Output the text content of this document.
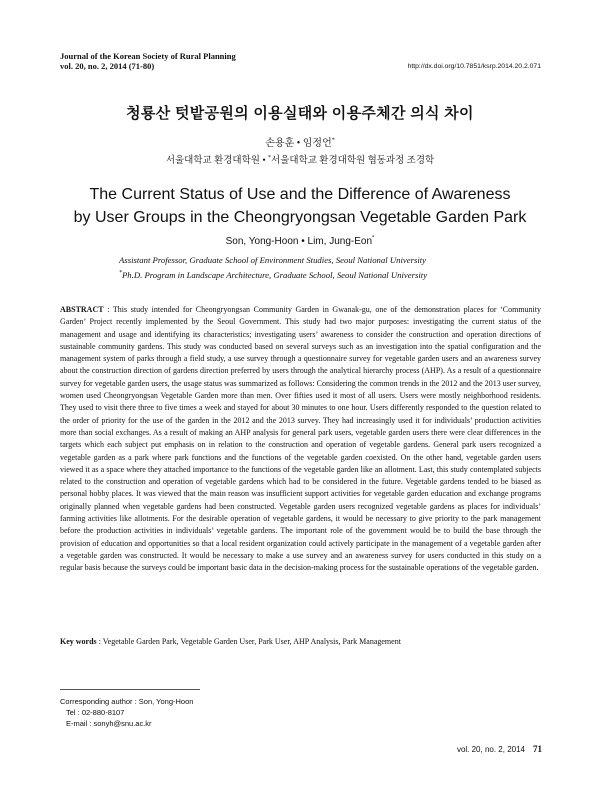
Journal of the Korean Society of Rural Planning
vol. 20, no. 2, 2014 (71-80)	http://dx.doi.org/10.7851/ksrp.2014.20.2.071
청룡산 텃밭공원의 이용실태와 이용주체간 의식 차이
손용훈 • 임정언*
서울대학교 환경대학원 • *서울대학교 환경대학원 협동과정 조경학
The Current Status of Use and the Difference of Awareness
by User Groups in the Cheongryongsan Vegetable Garden Park
Son, Yong-Hoon • Lim, Jung-Eon*
Assistant Professor, Graduate School of Environment Studies, Seoul National University
*Ph.D. Program in Landscape Architecture, Graduate School, Seoul National University
ABSTRACT : This study intended for Cheongryongsan Community Garden in Gwanak-gu, one of the demonstration places for ‘Community Garden’ Project recently implemented by the Seoul Government. This study had two major purposes: investigating the current status of the management and usage and identifying its characteristics; investigating users’ awareness to consider the construction and operation directions of sustainable community gardens. This study was conducted based on several surveys such as an investigation into the spatial configuration and the management system of parks through a field study, a use survey through a questionnaire survey for vegetable garden users and an awareness survey about the construction direction of gardens direction preferred by users through the analytical hierarchy process (AHP). As a result of a questionnaire survey for vegetable garden users, the usage status was summarized as follows: Considering the common trends in the 2012 and the 2013 user survey, women used Cheongryongsan Vegetable Garden more than men. Over fifties used it most of all users. Users were mostly neighborhood residents. They used to visit there three to five times a week and stayed for about 30 minutes to one hour. Users differently responded to the question related to the order of priority for the use of the garden in the 2012 and the 2013 survey. They had increasingly used it for individuals’ production activities more than social exchanges. As a result of making an AHP analysis for general park users, vegetable garden users there were clear differences in the targets which each subject put emphasis on in relation to the construction and operation of vegetable gardens. General park users recognized a vegetable garden as a park where park functions and the functions of the vegetable garden coexisted. On the other hand, vegetable garden users viewed it as a space where they attached importance to the functions of the vegetable garden like an allotment. Last, this study contemplated subjects related to the construction and operation of vegetable gardens which had to be considered in the future. Vegetable gardens tended to be biased as personal hobby places. It was viewed that the main reason was insufficient support activities for vegetable garden education and exchange programs originally planned when vegetable gardens had been constructed. Vegetable garden users recognized vegetable gardens as places for individuals’ farming activities like allotments. For the desirable operation of vegetable gardens, it would be necessary to give priority to the park management before the production activities in individuals’ vegetable gardens. The important role of the government would be to build the base through the provision of education and opportunities so that a local resident organization could actively participate in the management of a vegetable garden after a vegetable garden was constructed. It would be necessary to make a use survey and an awareness survey for users conducted in this study on a regular basis because the surveys could be important basic data in the decision-making process for the sustainable operations of the vegetable garden.
Key words : Vegetable Garden Park, Vegetable Garden User, Park User, AHP Analysis, Park Management
Corresponding author : Son, Yong-Hoon
Tel : 02-880-8107
E-mail : sonyh@snu.ac.kr
vol. 20, no. 2, 2014 71
